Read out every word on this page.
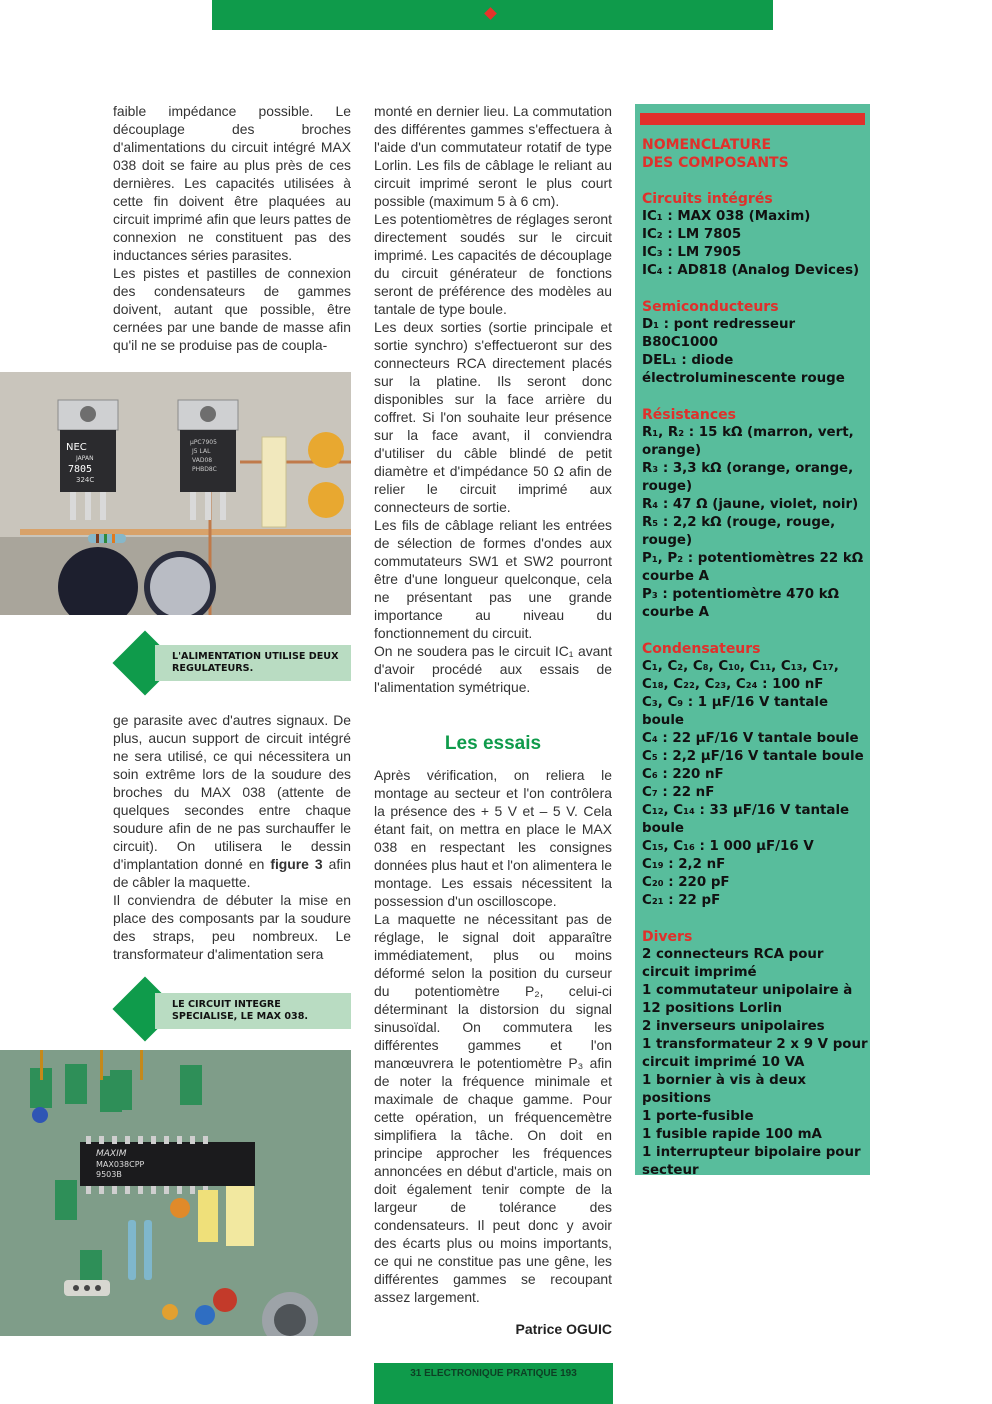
faible impédance possible. Le découplage des broches d'alimentations du circuit intégré MAX 038 doit se faire au plus près de ces dernières. Les capacités utilisées à cette fin doivent être plaquées au circuit imprimé afin que leurs pattes de connexion ne constituent pas des inductances séries parasites.

Les pistes et pastilles de connexion des condensateurs de gammes doivent, autant que possible, être cernées par une bande de masse afin qu'il ne se produise pas de coupla-

NEC
JAPAN
7805
324C
µPC7905
J5 LAL
VAD08
PHBD8C
L'ALIMENTATION UTILISE DEUX REGULATEURS.

ge parasite avec d'autres signaux. De plus, aucun support de circuit intégré ne sera utilisé, ce qui nécessitera un soin extrême lors de la soudure des broches du MAX 038 (attente de quelques secondes entre chaque soudure afin de ne pas surchauffer le circuit). On utilisera le dessin d'implantation donné en figure 3 afin de câbler la maquette.

Il conviendra de débuter la mise en place des composants par la soudure des straps, peu nombreux. Le transformateur d'alimentation sera

LE CIRCUIT INTEGRE SPECIALISE, LE MAX 038.
MAXIM
MAX038CPP
9503B

monté en dernier lieu. La commutation des différentes gammes s'effectuera à l'aide d'un commutateur rotatif de type Lorlin. Les fils de câblage le reliant au circuit imprimé seront le plus court possible (maximum 5 à 6 cm).

Les potentiomètres de réglages seront directement soudés sur le circuit imprimé. Les capacités de découplage du circuit générateur de fonctions seront de préférence des modèles au tantale de type boule.

Les deux sorties (sortie principale et sortie synchro) s'effectueront sur des connecteurs RCA directement placés sur la platine. Ils seront donc disponibles sur la face arrière du coffret. Si l'on souhaite leur présence sur la face avant, il conviendra d'utiliser du câble blindé de petit diamètre et d'impédance 50 Ω afin de relier le circuit imprimé aux connecteurs de sortie.

Les fils de câblage reliant les entrées de sélection de formes d'ondes aux commutateurs SW1 et SW2 pourront être d'une longueur quelconque, cela ne présentant pas une grande importance au niveau du fonctionnement du circuit.

On ne soudera pas le circuit IC₁ avant d'avoir procédé aux essais de l'alimentation symétrique.

Les essais

Après vérification, on reliera le montage au secteur et l'on contrôlera la présence des + 5 V et – 5 V. Cela étant fait, on mettra en place le MAX 038 en respectant les consignes données plus haut et l'on alimentera le montage. Les essais nécessitent la possession d'un oscilloscope.

La maquette ne nécessitant pas de réglage, le signal doit apparaître immédiatement, plus ou moins déformé selon la position du curseur du potentiomètre P₂, celui-ci déterminant la distorsion du signal sinusoïdal. On commutera les différentes gammes et l'on manœuvrera le potentiomètre P₃ afin de noter la fréquence minimale et maximale de chaque gamme. Pour cette opération, un fréquencemètre simplifiera la tâche. On doit en principe approcher les fréquences annoncées en début d'article, mais on doit également tenir compte de la largeur de tolérance des condensateurs. Il peut donc y avoir des écarts plus ou moins importants, ce qui ne constitue pas une gêne, les différentes gammes se recoupant assez largement.

Patrice OGUIC
NOMENCLATURE
DES COMPOSANTS
Circuits intégrés
IC₁ : MAX 038 (Maxim)
IC₂ : LM 7805
IC₃ : LM 7905
IC₄ : AD818 (Analog Devices)
Semiconducteurs
D₁ : pont redresseur B80C1000
DEL₁ : diode électroluminescente rouge
Résistances
R₁, R₂ : 15 kΩ (marron, vert, orange)
R₃ : 3,3 kΩ (orange, orange, rouge)
R₄ : 47 Ω (jaune, violet, noir)
R₅ : 2,2 kΩ (rouge, rouge, rouge)
P₁, P₂ : potentiomètres 22 kΩ courbe A
P₃ : potentiomètre 470 kΩ courbe A
Condensateurs
C₁, C₂, C₈, C₁₀, C₁₁, C₁₃, C₁₇, C₁₈, C₂₂, C₂₃, C₂₄ : 100 nF
C₃, C₉ : 1 µF/16 V tantale boule
C₄ : 22 µF/16 V tantale boule
C₅ : 2,2 µF/16 V tantale boule
C₆ : 220 nF
C₇ : 22 nF
C₁₂, C₁₄ : 33 µF/16 V tantale boule
C₁₅, C₁₆ : 1 000 µF/16 V
C₁₉ : 2,2 nF
C₂₀ : 220 pF
C₂₁ : 22 pF
Divers
2 connecteurs RCA pour circuit imprimé
1 commutateur unipolaire à 12 positions Lorlin
2 inverseurs unipolaires
1 transformateur 2 x 9 V pour circuit imprimé 10 VA
1 bornier à vis à deux positions
1 porte-fusible
1 fusible rapide 100 mA
1 interrupteur bipolaire pour secteur
31 ELECTRONIQUE PRATIQUE 193
